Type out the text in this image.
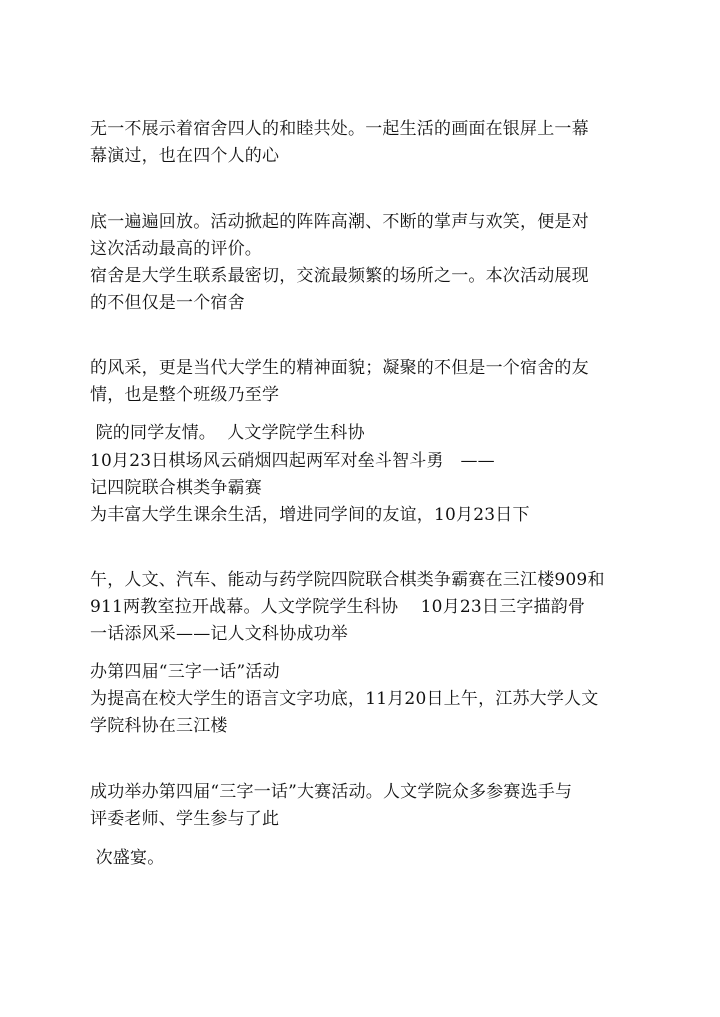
无一不展示着宿舍四人的和睦共处。一起生活的画面在银屏上一幕

幕演过，也在四个人的心

底一遍遍回放。活动掀起的阵阵高潮、不断的掌声与欢笑，便是对

这次活动最高的评价。

宿舍是大学生联系最密切，交流最频繁的场所之一。本次活动展现

的不但仅是一个宿舍

的风采，更是当代大学生的精神面貌；凝聚的不但是一个宿舍的友

情，也是整个班级乃至学

院的同学友情。  人文学院学生科协

10月23日棋场风云硝烟四起两军对垒斗智斗勇   ——

记四院联合棋类争霸赛

为丰富大学生课余生活，增进同学间的友谊，10月23日下

午，人文、汽车、能动与药学院四院联合棋类争霸赛在三江楼909和

911两教室拉开战幕。人文学院学生科协    10月23日三字描韵骨

一话添风采——记人文科协成功举

办第四届“三字一话”活动

为提高在校大学生的语言文字功底，11月20日上午，江苏大学人文

学院科协在三江楼

成功举办第四届“三字一话”大赛活动。人文学院众多参赛选手与

评委老师、学生参与了此

次盛宴。
